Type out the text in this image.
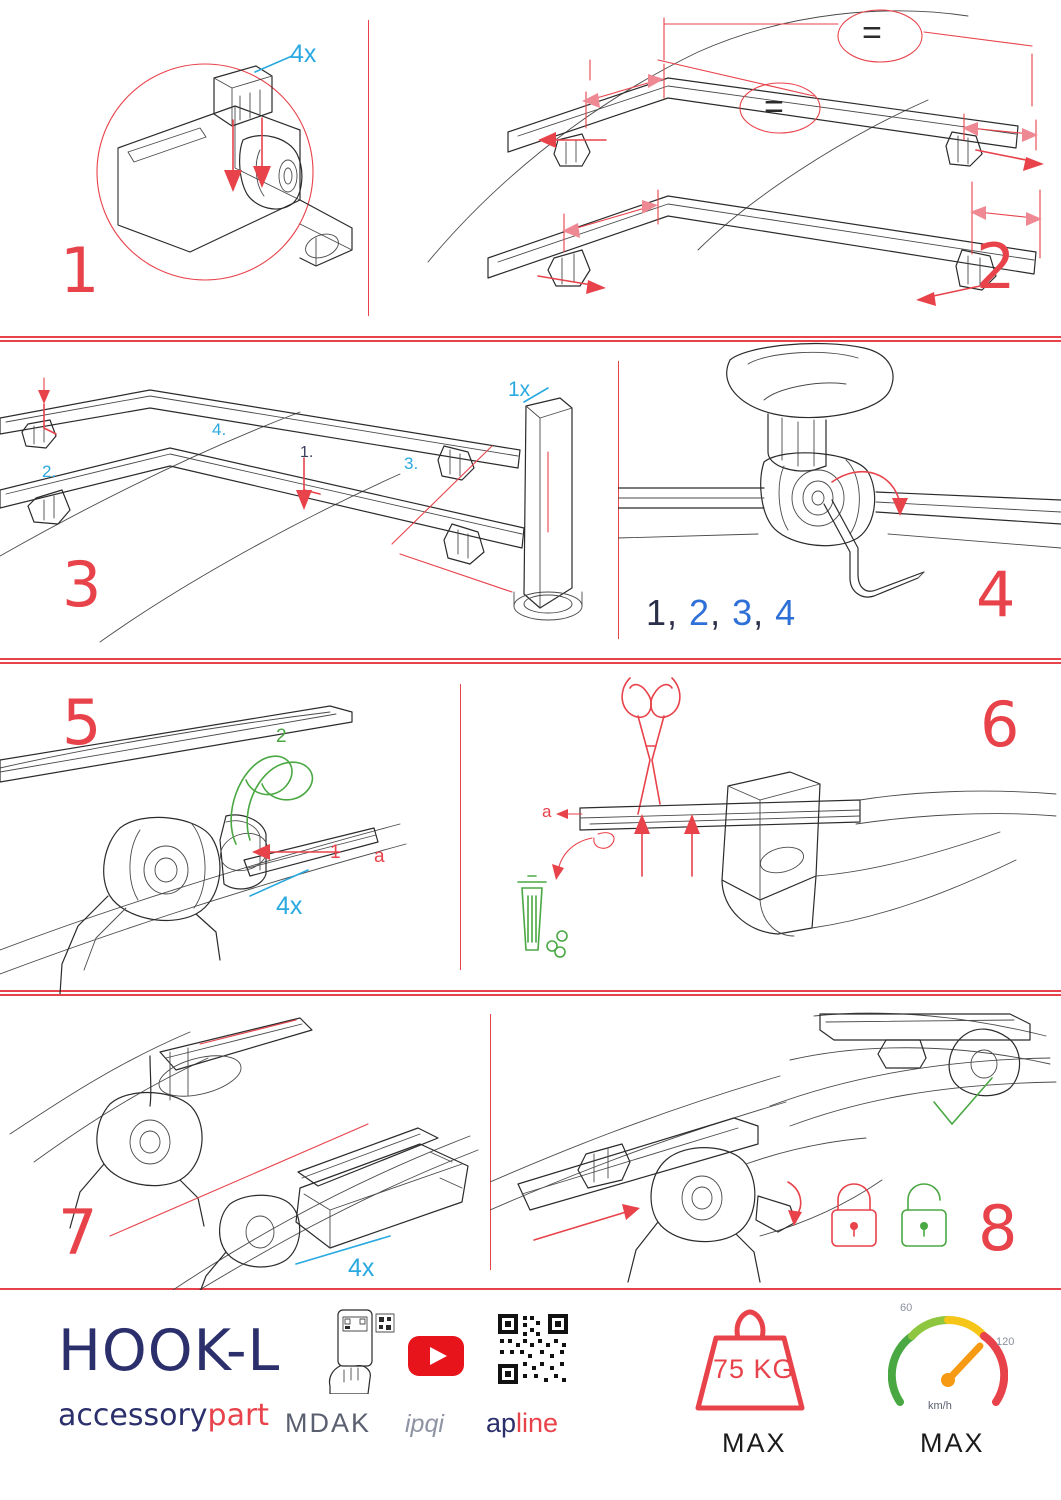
4x
1
=
=
2
1x
1.
2.	3.
4.
3	1, 2, 3, 4	4
5	2
1 a
4x
a
6
7	4x
8
HOOK-L
accessorypart MDAK ipqi apline
75 KG
MAX
60
120
km/h
MAX
